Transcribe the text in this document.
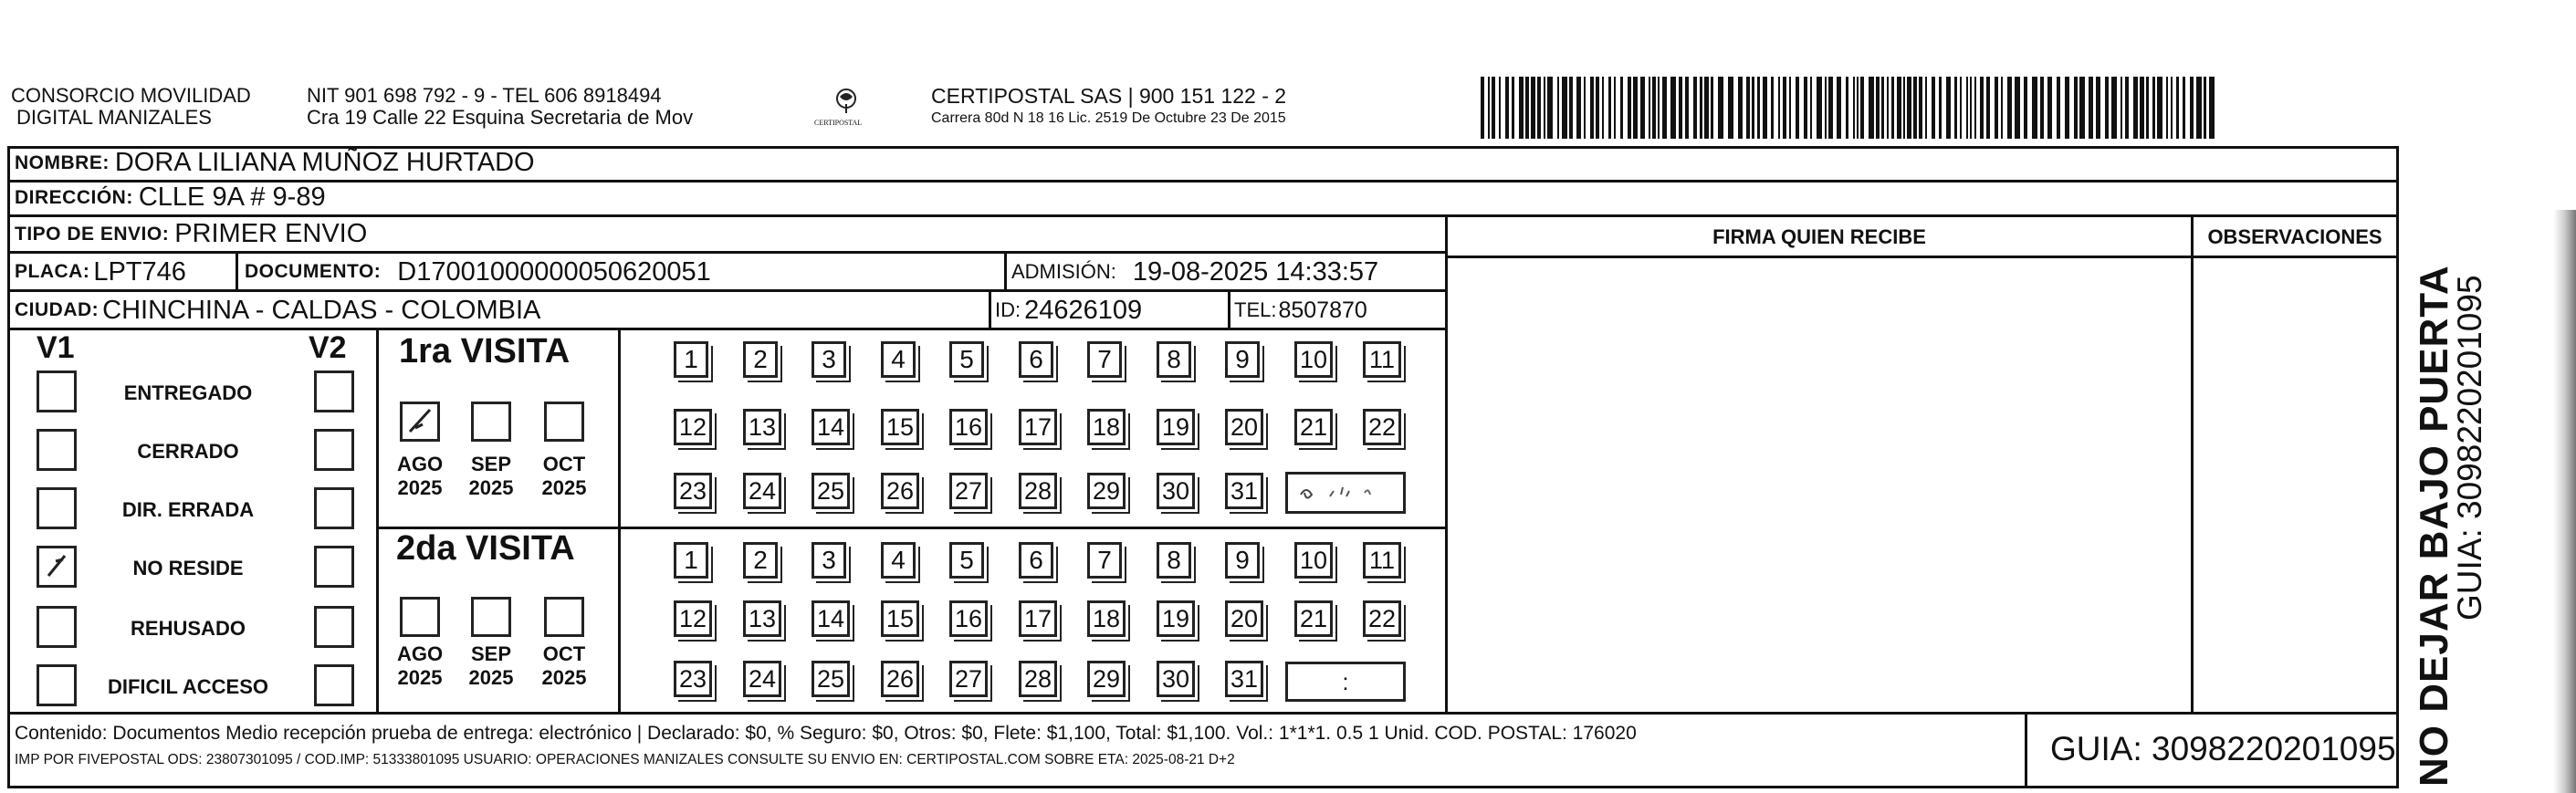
CONSORCIO MOVILIDAD
DIGITAL MANIZALES
NIT 901 698 792 - 9 - TEL 606 8918494
Cra 19 Calle 22 Esquina Secretaria de Mov	CERTIPOSTAL
CERTIPOSTAL SAS | 900 151 122 - 2
Carrera 80d N 18 16 Lic. 2519 De Octubre 23 De 2015
NOMBRE: DORA LILIANA MUÑOZ HURTADO
DIRECCIÓN: CLLE 9A # 9-89
TIPO DE ENVIO: PRIMER ENVIO
PLACA: LPT746	DOCUMENTO: D17001000000050620051	ADMISIÓN: 19-08-2025 14:33:57
CIUDAD: CHINCHINA - CALDAS - COLOMBIA	ID: 24626109	TEL: 8507870
FIRMA QUIEN RECIBE	OBSERVACIONES
V1	V2
ENTREGADO
CERRADO
DIR. ERRADA
NO RESIDE
REHUSADO
DIFICIL ACCESO
1ra VISITA
AGO
2025
SEP
2025
OCT
2025
1	2	3	4	5	6	7	8	9	10 11
12 13 14 15 16 17 18 19 20 21 22
23 24 25 26 27 28 29 30 31
2da VISITA
AGO
2025
SEP
2025
OCT
2025
1	2	3	4	5	6	7	8	9	10 11
12 13 14 15 16 17 18 19 20 21 22
23 24 25 26 27 28 29 30 31	:
Contenido: Documentos Medio recepción prueba de entrega: electrónico | Declarado: $0, % Seguro: $0, Otros: $0, Flete: $1,100, Total: $1,100. Vol.: 1*1*1. 0.5 1 Unid. COD. POSTAL: 176020
IMP POR FIVEPOSTAL ODS: 23807301095 / COD.IMP: 51333801095 USUARIO: OPERACIONES MANIZALES CONSULTE SU ENVIO EN: CERTIPOSTAL.COM SOBRE ETA: 2025-08-21 D+2	GUIA: 3098220201095 NO DEJAR BAJO PUERTA
GUIA: 3098220201095
